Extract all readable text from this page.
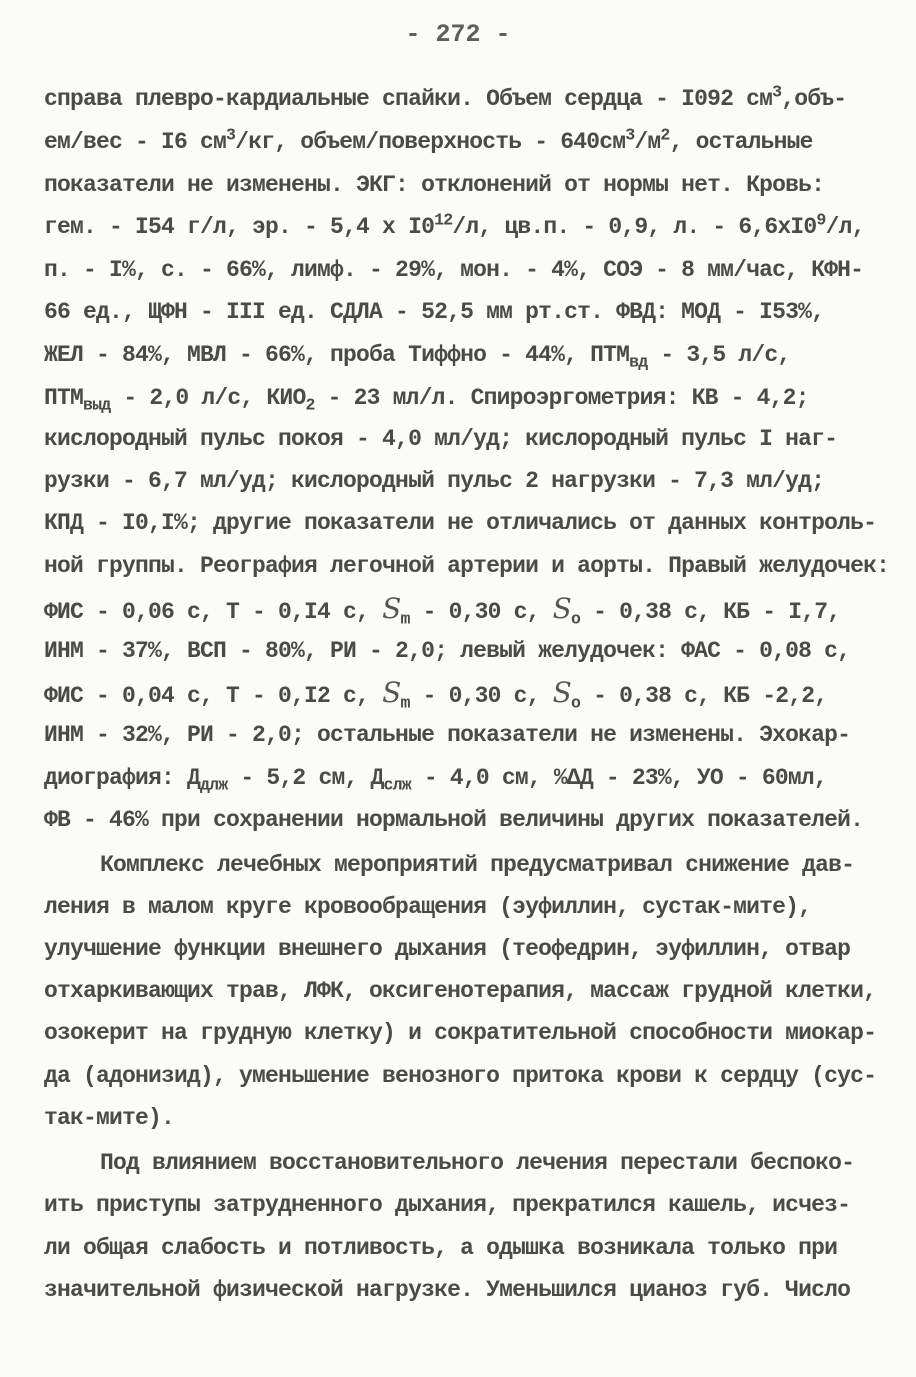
- 272 -
справа плевро-кардиальные спайки. Объем сердца - I092 $см^3,объ-$
ем/вес - I6 $см^3/кг$, объем/поверхность - $640см^3/м^2$, остальные
показатели не изменены. ЭКГ: отклонений от нормы нет. Кровь:
гем. - I54 г/л, эр. - 5,4 х $I0^{12}/л$, цв.п. - 0,9, л. - $6,6хI0^9/л$,
п. - I%, с. - 66%, лимф. - 29%, мон. - 4%, СОЭ - 8 мм/час, КФН-
66 ед., ЩФН - III ед. СДЛА - 52,5 мм рт.ст. ФВД: МОД - I53%,
ЖЕЛ - 84%, МВЛ - 66%, проба Тиффно - 44%, $ПТМ_{вд} - 3,5$ л/с,
$ПТМ_{выд} - 2,0$ л/с, $КИО_2 - 23$ мл/л. Спироэргометрия: КВ - 4,2;
кислородный пульс покоя - 4,0 мл/уд; кислородный пульс I наг-
рузки - 6,7 мл/уд; кислородный пульс 2 нагрузки - 7,3 мл/уд;
КПД - I0,I%; другие показатели не отличались от данных контроль-
ной группы. Реография легочной артерии и аорты. Правый желудочек:
ФИС - 0,06 с, Т - 0,I4 с, $S_m - 0,30$ с, $S_o - 0,38$ с, КБ - I,7,
ИНМ - 37%, ВСП - 80%, РИ - 2,0; левый желудочек: ФАС - 0,08 с,
ФИС - 0,04 с, Т - 0,I2 с, $S_m - 0,30$ с, $S_o - 0,38$ с, КБ -2,2,
ИНМ - 32%, РИ - 2,0; остальные показатели не изменены. Эхокар-
диография: $Д_{длж} - 5,2$ см, $Д_{слж} - 4,0$ см, %ΔД - 23%, УО - 60мл,
ФВ - 46% при сохранении нормальной величины других показателей.
Комплекс лечебных мероприятий предусматривал снижение дав-
ления в малом круге кровообращения (эуфиллин, сустак-мите),
улучшение функции внешнего дыхания (теофедрин, эуфиллин, отвар
отхаркивающих трав, ЛФК, оксигенотерапия, массаж грудной клетки,
озокерит на грудную клетку) и сократительной способности миокар-
да (адонизид), уменьшение венозного притока крови к сердцу (сус-
так-мите).
Под влиянием восстановительного лечения перестали беспоко-
ить приступы затрудненного дыхания, прекратился кашель, исчез-
ли общая слабость и потливость, а одышка возникала только при
значительной физической нагрузке. Уменьшился цианоз губ. Число
